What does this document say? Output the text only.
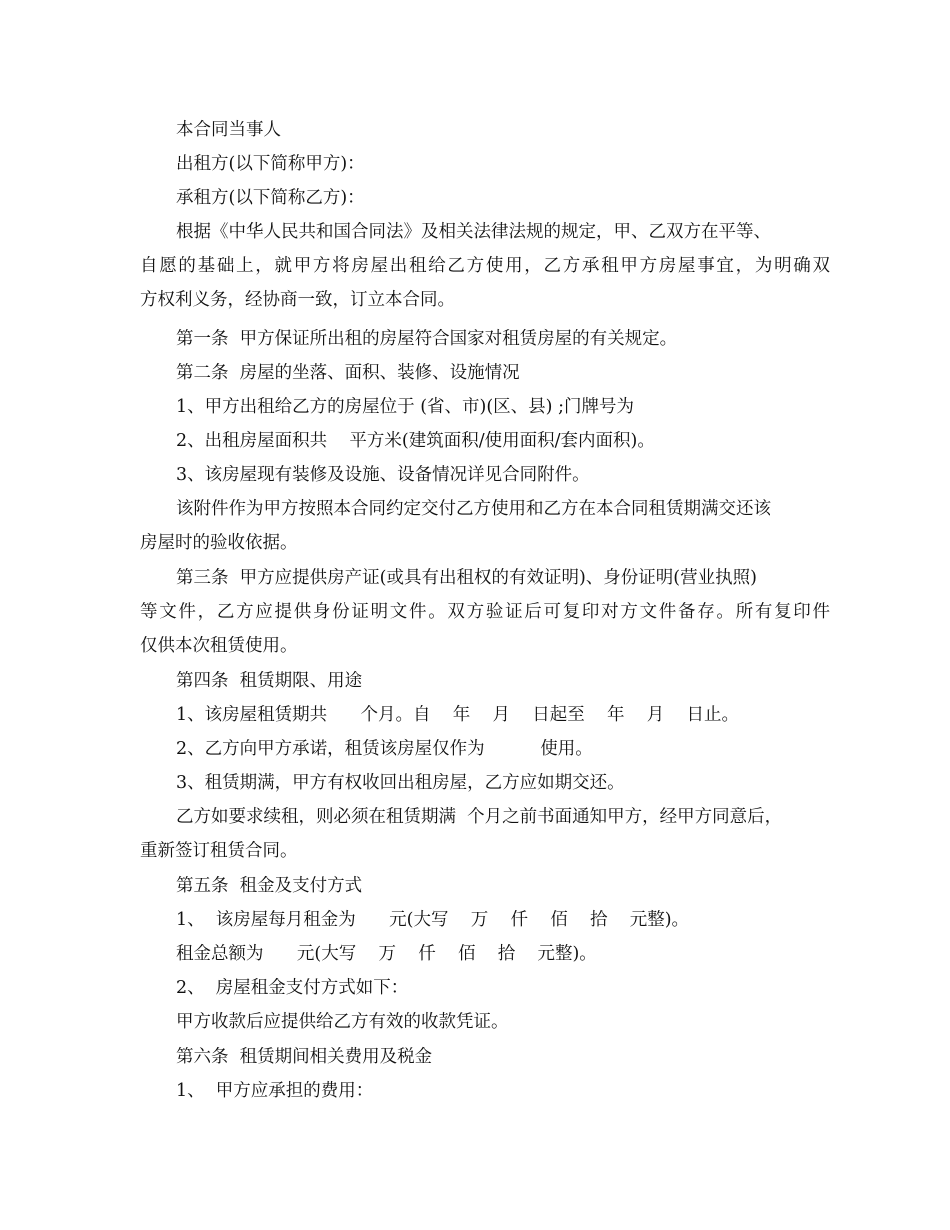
本合同当事人
出租方(以下简称甲方)：
承租方(以下简称乙方)：
根据《中华人民共和国合同法》及相关法律法规的规定，甲、乙双方在平等、
自愿的基础上，就甲方将房屋出租给乙方使用，乙方承租甲方房屋事宜，为明确双
方权利义务，经协商一致，订立本合同。
第一条  甲方保证所出租的房屋符合国家对租赁房屋的有关规定。
第二条  房屋的坐落、面积、装修、设施情况
1、甲方出租给乙方的房屋位于 (省、市)(区、县) ;门牌号为
2、出租房屋面积共    平方米(建筑面积/使用面积/套内面积)。
3、该房屋现有装修及设施、设备情况详见合同附件。
该附件作为甲方按照本合同约定交付乙方使用和乙方在本合同租赁期满交还该
房屋时的验收依据。
第三条  甲方应提供房产证(或具有出租权的有效证明)、身份证明(营业执照)
等文件，乙方应提供身份证明文件。双方验证后可复印对方文件备存。所有复印件
仅供本次租赁使用。
第四条  租赁期限、用途
1、该房屋租赁期共      个月。自    年    月    日起至    年    月    日止。
2、乙方向甲方承诺，租赁该房屋仅作为          使用。
3、租赁期满，甲方有权收回出租房屋，乙方应如期交还。
乙方如要求续租，则必须在租赁期满  个月之前书面通知甲方，经甲方同意后，
重新签订租赁合同。
第五条  租金及支付方式
1、  该房屋每月租金为      元(大写    万    仟    佰    拾    元整)。
租金总额为      元(大写    万    仟    佰    拾    元整)。
2、  房屋租金支付方式如下：
甲方收款后应提供给乙方有效的收款凭证。
第六条  租赁期间相关费用及税金
1、  甲方应承担的费用：
